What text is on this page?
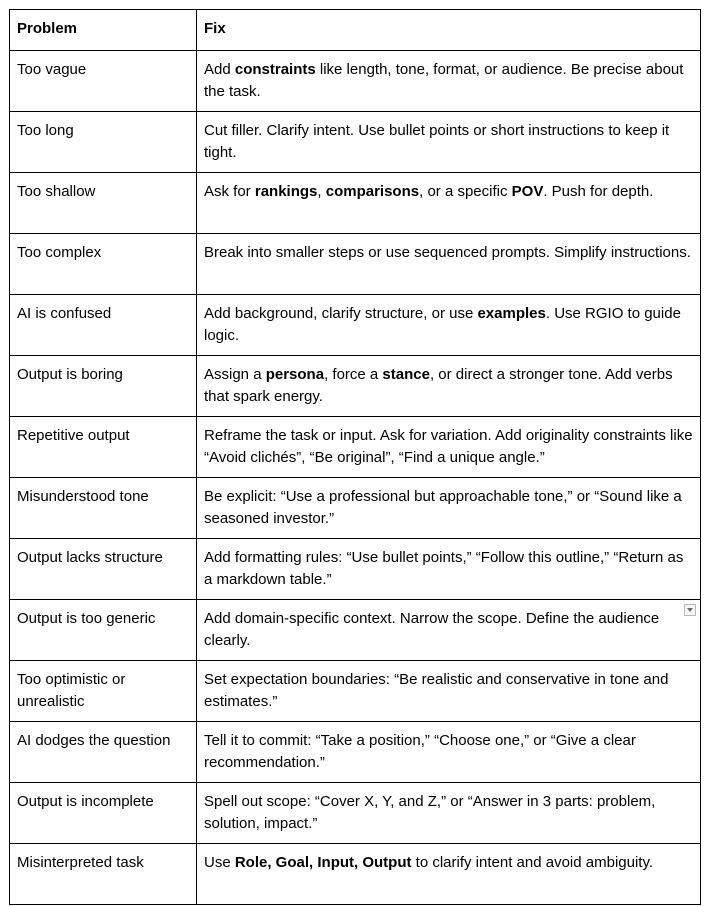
Problem	Fix
Too vague	Add constraints like length, tone, format, or audience. Be precise about the task.
Too long	Cut filler. Clarify intent. Use bullet points or short instructions to keep it tight.
Too shallow	Ask for rankings, comparisons, or a specific POV. Push for depth.
Too complex	Break into smaller steps or use sequenced prompts. Simplify instructions.
AI is confused	Add background, clarify structure, or use examples. Use RGIO to guide logic.
Output is boring	Assign a persona, force a stance, or direct a stronger tone. Add verbs that spark energy.
Repetitive output	Reframe the task or input. Ask for variation. Add originality constraints like “Avoid clichés”, “Be original”, “Find a unique angle.”
Misunderstood tone	Be explicit: “Use a professional but approachable tone,” or “Sound like a seasoned investor.”
Output lacks structure	Add formatting rules: “Use bullet points,” “Follow this outline,” “Return as a markdown table.”
Output is too generic	Add domain-specific context. Narrow the scope. Define the audience clearly.

Too optimistic or unrealistic	Set expectation boundaries: “Be realistic and conservative in tone and estimates.”
AI dodges the question	Tell it to commit: “Take a position,” “Choose one,” or “Give a clear recommendation.”
Output is incomplete	Spell out scope: “Cover X, Y, and Z,” or “Answer in 3 parts: problem, solution, impact.”
Misinterpreted task	Use Role, Goal, Input, Output to clarify intent and avoid ambiguity.
